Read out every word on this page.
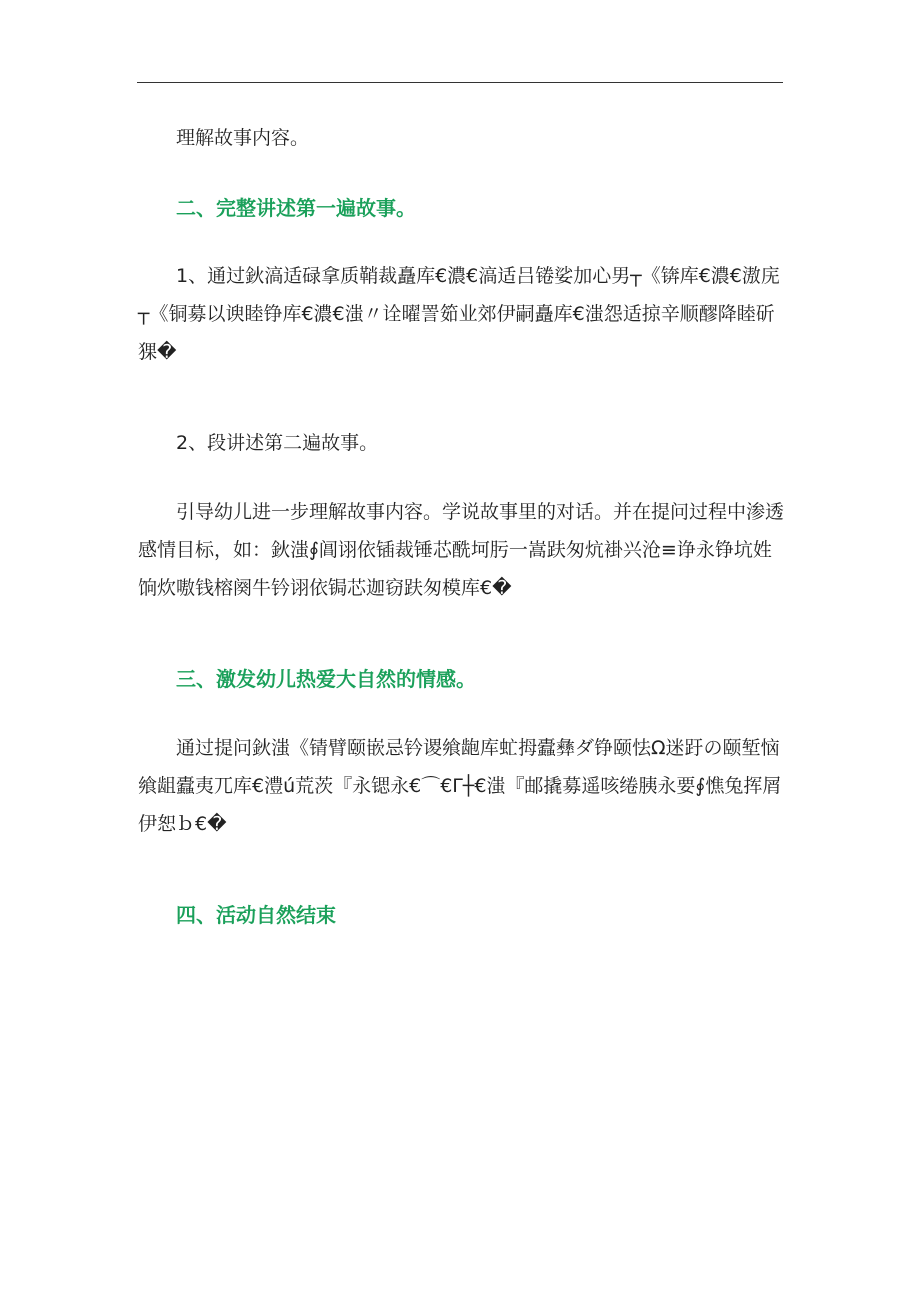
理解故事内容。

二、完整讲述第一遍故事。

1、通过鈥滈适碌拿质鞘裁矗库€濃€滈适吕锩娑加心男┬《锛库€濃€滶庑┬《铜募以谀睦铮库€濃€滍〃诠曜詈筎业郊伊嗣矗库€滍怨适掠辛顺醪降睦斫猓�

2、段讲述第二遍故事。

引导幼儿进一步理解故事内容。学说故事里的对话。并在提问过程中渗透感情目标，如：鈥滍∮阊诩依锸裁锤芯酰坷肟一嵩趺匆炕褂兴沧≡诤永铮坑姓饷炊嗷钱榕阕牛钤诩依锔芯迦窃趺匆模库€�

三、激发幼儿热爱大自然的情感。

通过提问鈥滍《锖臂颐嵌忌钤谡飨龅库虻拇蠹彝ダ铮颐怯Ω迷趶の颐堑恼飨龃蠹夷兀库€澧ú荒茨『永锶永€⌒€Γ┼€滍『邮撬募遥咳绻胰永要∮憔兔挥屑伊恕ｂ€�

四、活动自然结束
